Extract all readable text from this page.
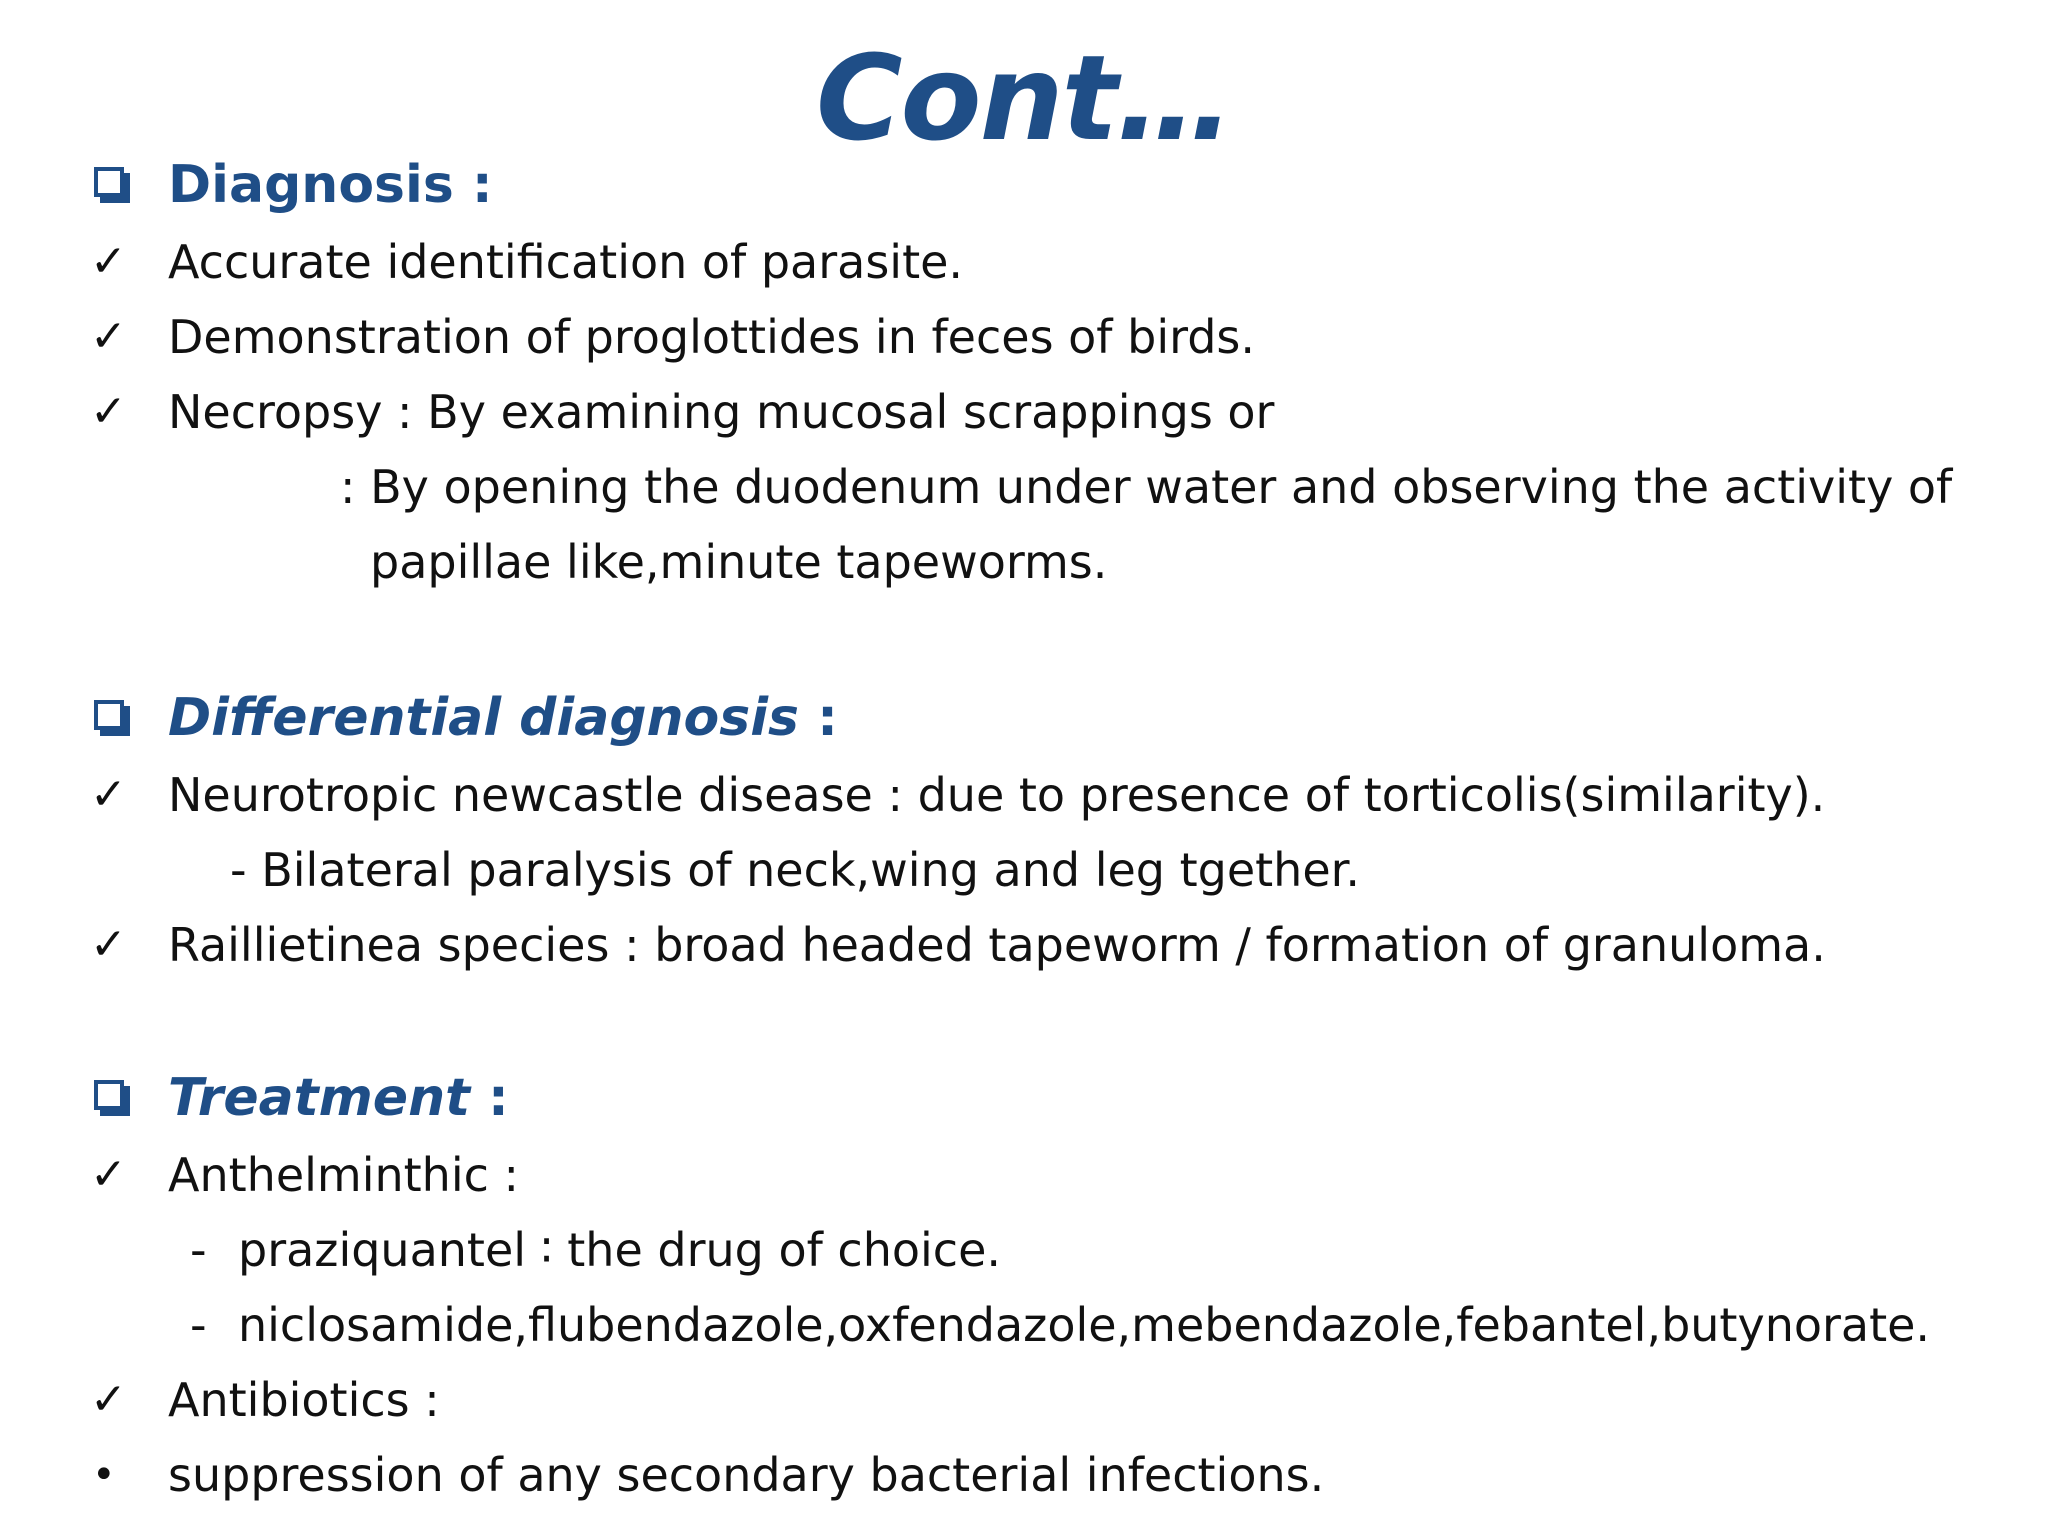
Cont…
Diagnosis :
✓ Accurate identification of parasite.
✓ Demonstration of proglottides in feces of birds.
✓ Necropsy : By examining mucosal scrappings or
: By opening the duodenum under water and observing the activity of
papillae like,minute tapeworms.
Differential diagnosis :
✓ Neurotropic newcastle disease : due to presence of torticolis(similarity).
- Bilateral paralysis of neck,wing and leg tgether.
✓ Raillietinea species : broad headed tapeworm / formation of granuloma.
Treatment :
✓ Anthelminthic :
- praziquantel ∶ the drug of choice.
- niclosamide,flubendazole,oxfendazole,mebendazole,febantel,butynorate.
✓ Antibiotics :
•	suppression of any secondary bacterial infections.
